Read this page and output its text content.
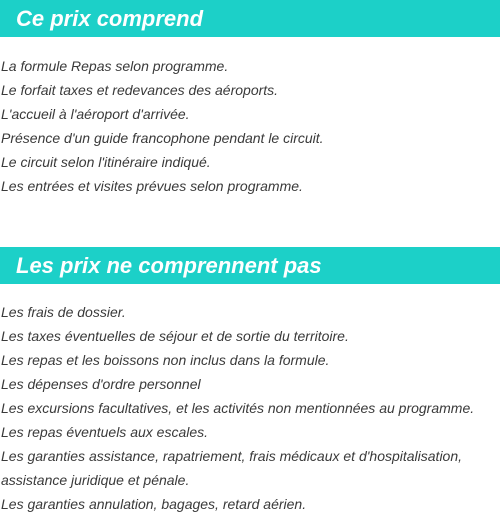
Ce prix comprend
La formule Repas selon programme.
Le forfait taxes et redevances des aéroports.
L'accueil à l'aéroport d'arrivée.
Présence d'un guide francophone pendant le circuit.
Le circuit selon l'itinéraire indiqué.
Les entrées et visites prévues selon programme.
Les prix ne comprennent pas
Les frais de dossier.
Les taxes éventuelles de séjour et de sortie du territoire.
Les repas et les boissons non inclus dans la formule.
Les dépenses d'ordre personnel
Les excursions facultatives, et les activités non mentionnées au programme.
Les repas éventuels aux escales.
Les garanties assistance, rapatriement, frais médicaux et d'hospitalisation,
assistance juridique et pénale.
Les garanties annulation, bagages, retard aérien.
